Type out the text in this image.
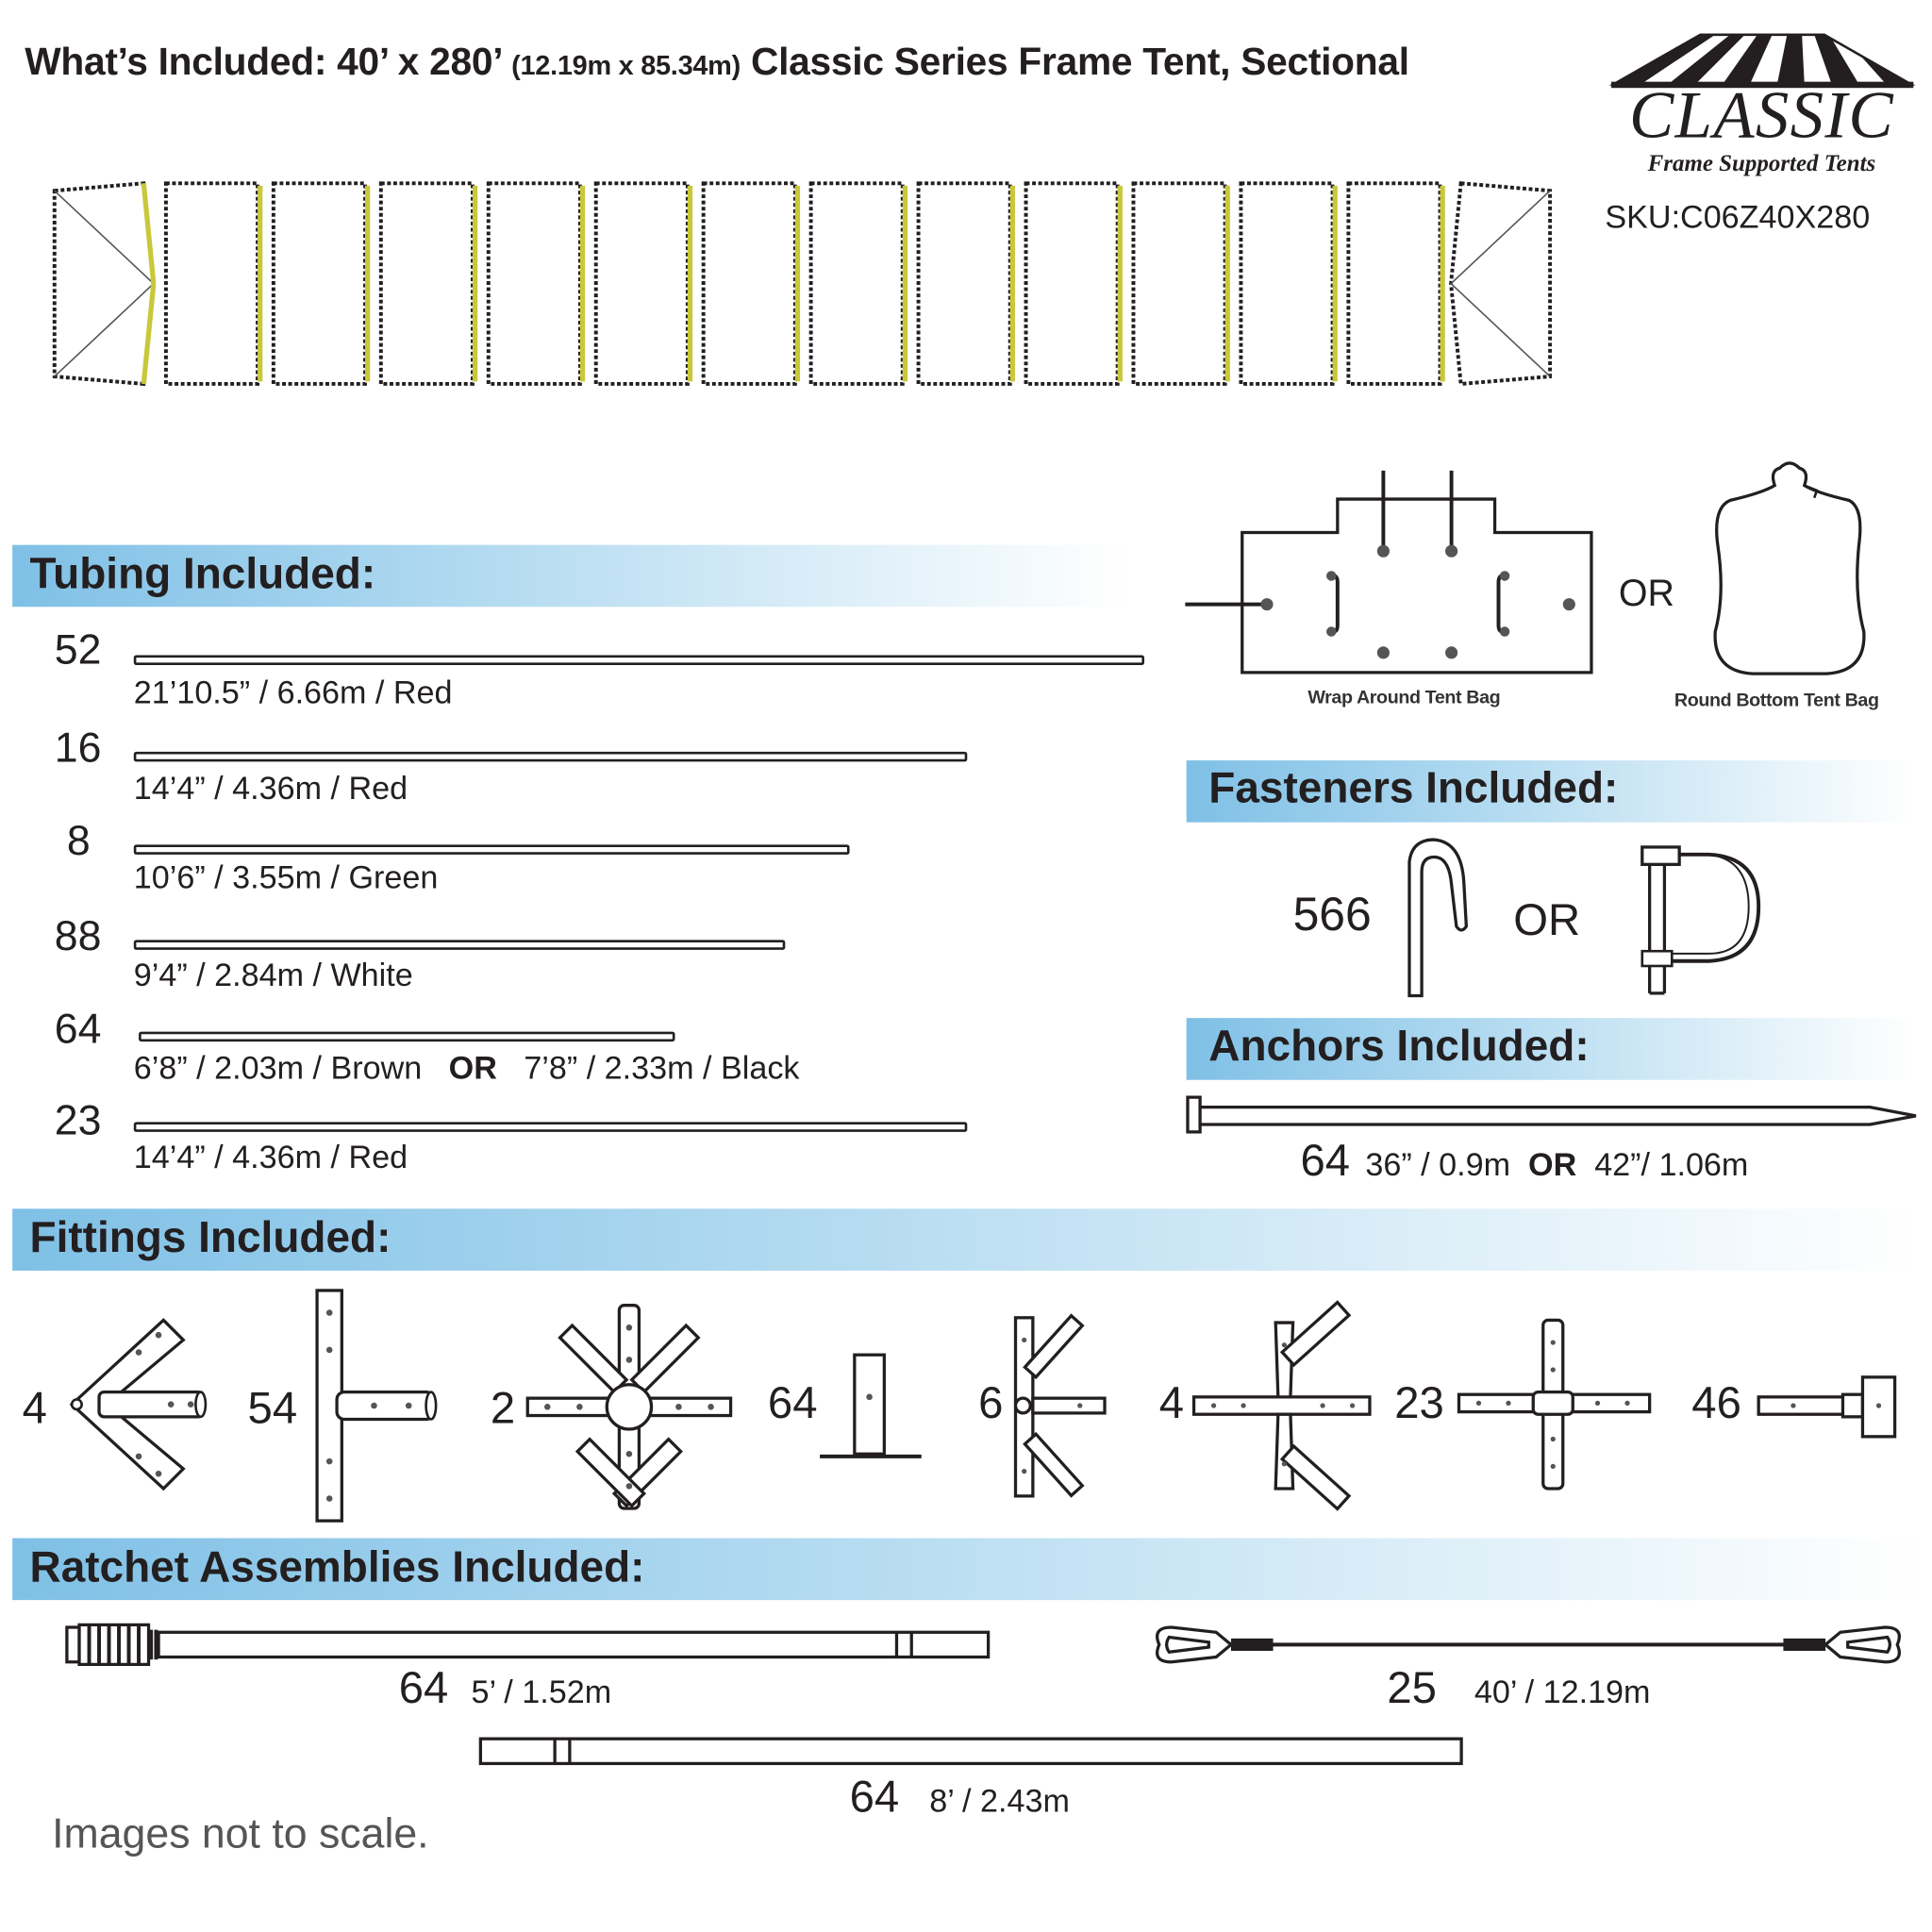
What’s Included: 40’ x 280’ (12.19m x 85.34m) Classic Series Frame Tent, Sectional
CLASSIC
Frame Supported Tents
SKU:C06Z40X280
Tubing Included:
52
21’10.5” / 6.66m / Red
16
14’4” / 4.36m / Red
8
10’6” / 3.55m / Green
88
9’4” / 2.84m / White
64
6’8” / 2.03m / Brown OR 7’8” / 2.33m / Black
23
14’4” / 4.36m / Red
Wrap Around Tent Bag
OR
Round Bottom Tent Bag
Fasteners Included:
566	OR
Anchors Included:
64 36” / 0.9m OR 42”/ 1.06m
Fittings Included:
4	54	2	64	6	4	23	46
Ratchet Assemblies Included:
64 5’ / 1.52m	25 40’ / 12.19m
64 8’ / 2.43m
Images not to scale.
